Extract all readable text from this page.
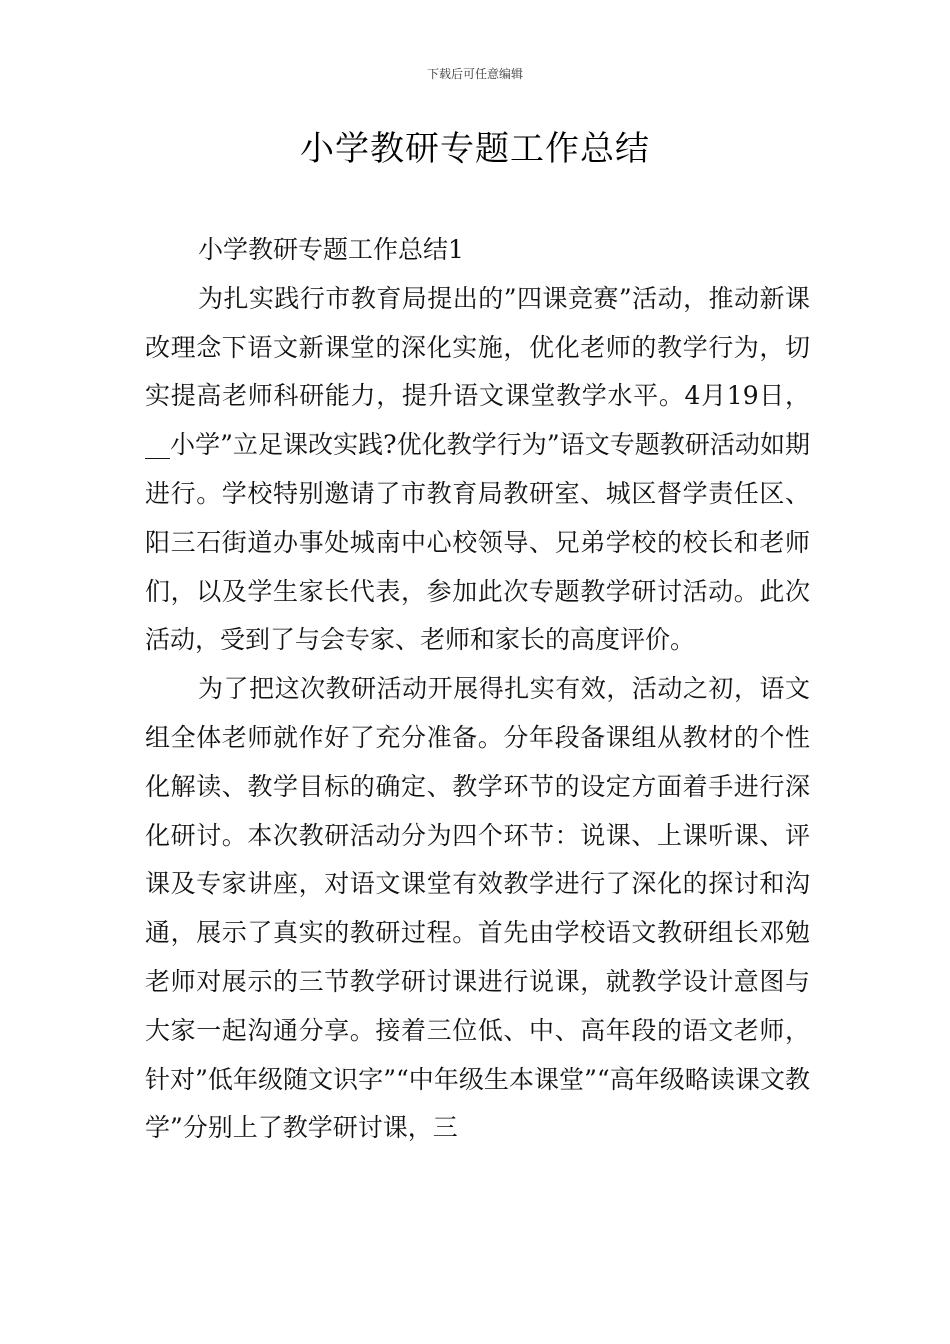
下载后可任意编辑
小学教研专题工作总结

小学教研专题工作总结1

为扎实践行市教育局提出的”四课竞赛”活动，推动新课改理念下语文新课堂的深化实施，优化老师的教学行为，切实提高老师科研能力，提升语文课堂教学水平。4月19日，__小学”立足课改实践?优化教学行为”语文专题教研活动如期进行。学校特别邀请了市教育局教研室、城区督学责任区、阳三石街道办事处城南中心校领导、兄弟学校的校长和老师们，以及学生家长代表，参加此次专题教学研讨活动。此次活动，受到了与会专家、老师和家长的高度评价。

为了把这次教研活动开展得扎实有效，活动之初，语文组全体老师就作好了充分准备。分年段备课组从教材的个性化解读、教学目标的确定、教学环节的设定方面着手进行深化研讨。本次教研活动分为四个环节：说课、上课听课、评课及专家讲座，对语文课堂有效教学进行了深化的探讨和沟通，展示了真实的教研过程。首先由学校语文教研组长邓勉老师对展示的三节教学研讨课进行说课，就教学设计意图与大家一起沟通分享。接着三位低、中、高年段的语文老师，针对”低年级随文识字”“中年级生本课堂”“高年级略读课文教学”分别上了教学研讨课，三
